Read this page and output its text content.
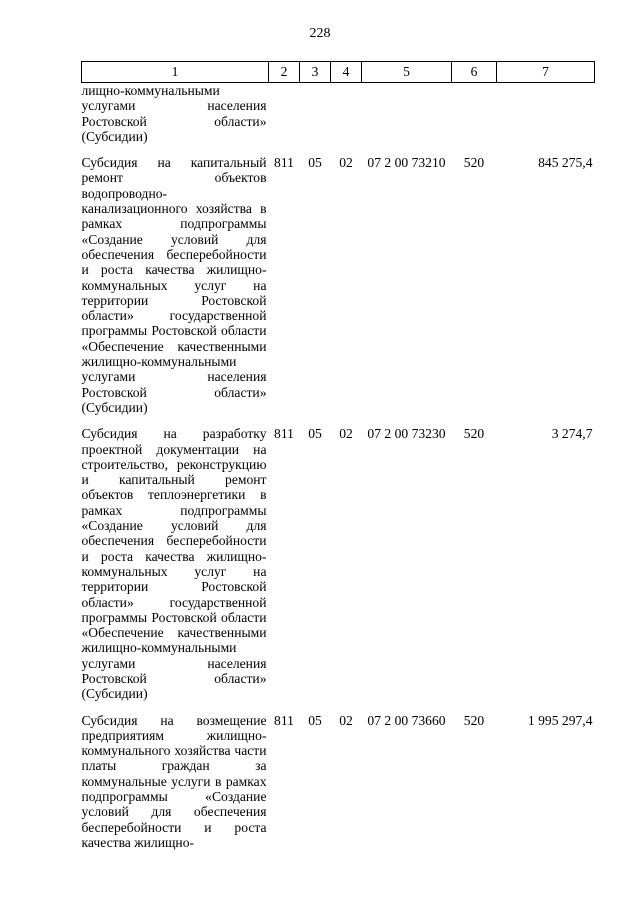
228
1	2	3	4	5	6	7
лищно-коммунальными услугами населения Ростовской области» (Субсидии)						
Субсидия на капитальный ремонт объектов водопроводно-канализационного хозяйства в рамках подпрограммы «Создание условий для обеспечения бесперебойности и роста качества жилищно-коммунальных услуг на территории Ростовской области» государственной программы Ростовской области «Обеспечение качественными жилищно-коммунальными услугами населения Ростовской области» (Субсидии)	811	05	02	07 2 00 73210	520	845 275,4
Субсидия на разработку проектной документации на строительство, реконструкцию и капитальный ремонт объектов теплоэнергетики в рамках подпрограммы «Создание условий для обеспечения бесперебойности и роста качества жилищно-коммунальных услуг на территории Ростовской области» государственной программы Ростовской области «Обеспечение качественными жилищно-коммунальными услугами населения Ростовской области» (Субсидии)	811	05	02	07 2 00 73230	520	3 274,7
Субсидия на возмещение предприятиям жилищно-коммунального хозяйства части платы граждан за коммунальные услуги в рамках подпрограммы «Создание условий для обеспечения бесперебойности и роста качества жилищно-	811	05	02	07 2 00 73660	520	1 995 297,4
